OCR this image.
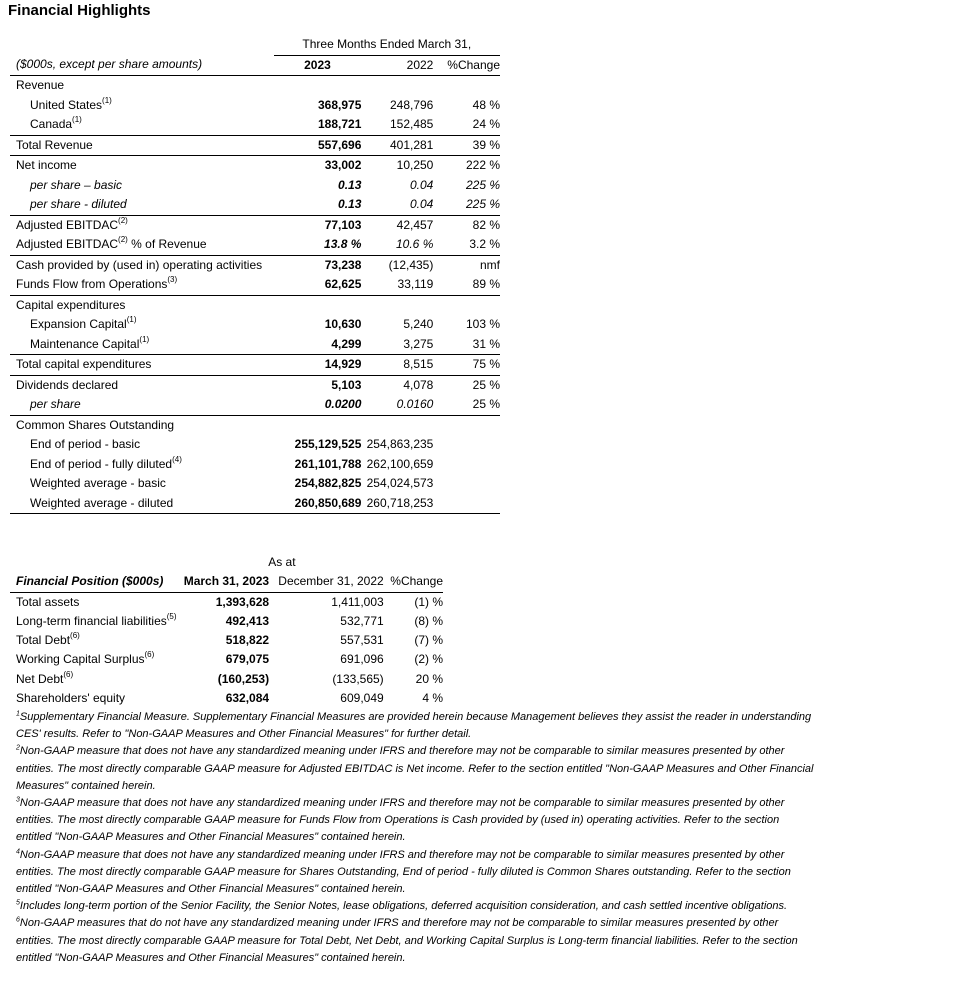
Financial Highlights
	Three Months Ended March 31,		
($000s, except per share amounts)	2023	2022	%Change
Revenue			
United States$^{(1)}$	368,975	248,796	48 %
Canada$^{(1)}$	188,721	152,485	24 %
Total Revenue	557,696	401,281	39 %
Net income	33,002	10,250	222 %
per share – basic	0.13	0.04	225 %
per share - diluted	0.13	0.04	225 %
Adjusted EBITDAC$^{(2)}$	77,103	42,457	82 %
Adjusted EBITDAC$^{(2)}$ % of Revenue	13.8 %	10.6 %	3.2 %
Cash provided by (used in) operating activities	73,238	(12,435)	nmf
Funds Flow from Operations$^{(3)}$	62,625	33,119	89 %
Capital expenditures			
Expansion Capital$^{(1)}$	10,630	5,240	103 %
Maintenance Capital$^{(1)}$	4,299	3,275	31 %
Total capital expenditures	14,929	8,515	75 %
Dividends declared	5,103	4,078	25 %
per share	0.0200	0.0160	25 %
Common Shares Outstanding			
End of period - basic	255,129,525	254,863,235	
End of period - fully diluted$^{(4)}$	261,101,788	262,100,659	
Weighted average - basic	254,882,825	254,024,573	
Weighted average - diluted	260,850,689	260,718,253	
	As at		
Financial Position ($000s)	March 31, 2023	December 31, 2022	%Change
Total assets	1,393,628	1,411,003	(1) %
Long-term financial liabilities$^{(5)}$	492,413	532,771	(8) %
Total Debt$^{(6)}$	518,822	557,531	(7) %
Working Capital Surplus$^{(6)}$	679,075	691,096	(2) %
Net Debt$^{(6)}$	(160,253)	(133,565)	20 %
Shareholders' equity	632,084	609,049	4 %

$^1$Supplementary Financial Measure. Supplementary Financial Measures are provided herein because Management believes they assist the reader in understanding CES' results. Refer to "Non-GAAP Measures and Other Financial Measures" for further detail.

$^2$Non-GAAP measure that does not have any standardized meaning under IFRS and therefore may not be comparable to similar measures presented by other entities. The most directly comparable GAAP measure for Adjusted EBITDAC is Net income. Refer to the section entitled "Non-GAAP Measures and Other Financial Measures" contained herein.

$^3$Non-GAAP measure that does not have any standardized meaning under IFRS and therefore may not be comparable to similar measures presented by other entities. The most directly comparable GAAP measure for Funds Flow from Operations is Cash provided by (used in) operating activities. Refer to the section entitled "Non-GAAP Measures and Other Financial Measures" contained herein.

$^4$Non-GAAP measure that does not have any standardized meaning under IFRS and therefore may not be comparable to similar measures presented by other entities. The most directly comparable GAAP measure for Shares Outstanding, End of period - fully diluted is Common Shares outstanding. Refer to the section entitled "Non-GAAP Measures and Other Financial Measures" contained herein.

$^5$Includes long-term portion of the Senior Facility, the Senior Notes, lease obligations, deferred acquisition consideration, and cash settled incentive obligations.

$^6$Non-GAAP measures that do not have any standardized meaning under IFRS and therefore may not be comparable to similar measures presented by other entities. The most directly comparable GAAP measure for Total Debt, Net Debt, and Working Capital Surplus is Long-term financial liabilities. Refer to the section entitled "Non-GAAP Measures and Other Financial Measures" contained herein.
